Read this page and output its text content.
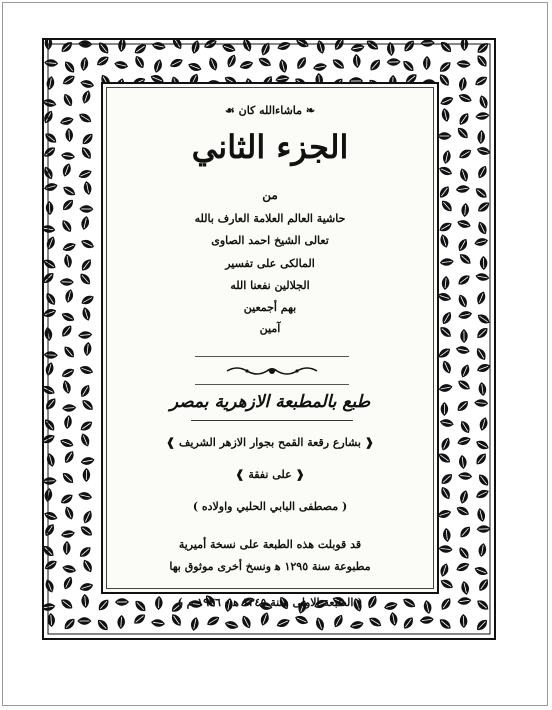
❧ ماشاءالله كان ☙
الجزء الثاني
من
حاشية العالم العلامة العارف بالله
تعالى الشيخ احمد الصاوى
المالكى على تفسير
الجلالين نفعنا الله
بهم أجمعين
آمين
طبع بالمطبعة الازهرية بمصر
❰ بشارع رقعة القمح بجوار الازهر الشريف ❱
❰ على نفقة ❱
( مصطفى البابي الحلبي واولاده )
قد قوبلت هذه الطبعة على نسخة أميرية
مطبوعة سنة ١٢٩٥ ﻫ ونسخ أخرى موثوق بها
( الطبعة الاولى سنة ١٣٤٥ ﻫ - ١٩٢٦ م )
